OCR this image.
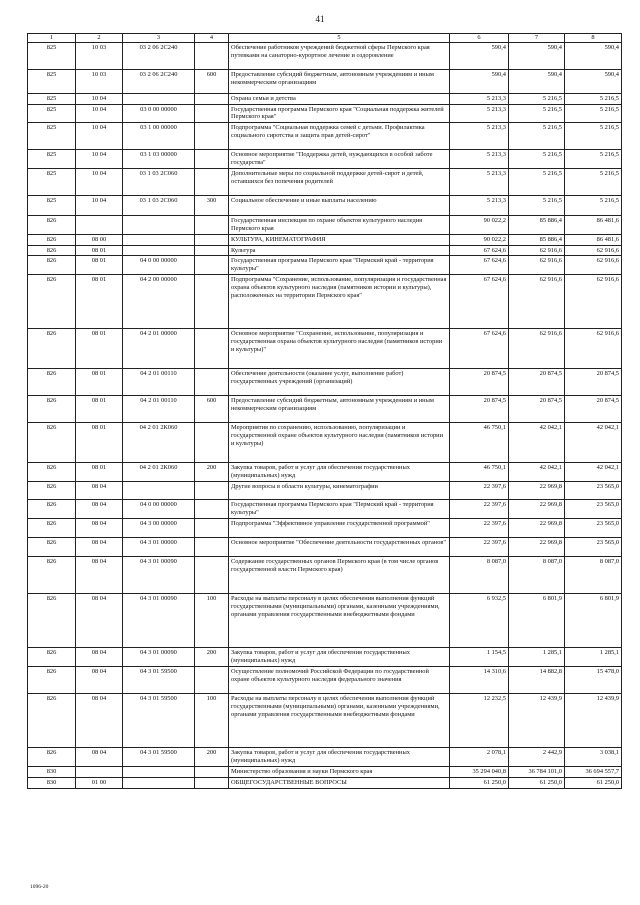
41
1	2	3	4	5	6	7	8
825	10 03	03 2 06 2С240		Обеспечение работников учреждений бюджетной сферы Пермского края путевками на санаторно-курортное лечение и оздоровление	590,4	590,4	590,4
825	10 03	03 2 06 2С240	600	Предоставление субсидий бюджетным, автономным учреждениям и иным некоммерческим организациям	590,4	590,4	590,4
825	10 04			Охрана семьи и детства	5 213,3	5 216,5	5 216,5
825	10 04	03 0 00 00000		Государственная программа Пермского края "Социальная поддержка жителей Пермского края"	5 213,3	5 216,5	5 216,5
825	10 04	03 1 00 00000		Подпрограмма "Социальная поддержка семей с детьми. Профилактика социального сиротства и защита прав детей-сирот"	5 213,3	5 216,5	5 216,5
825	10 04	03 1 03 00000		Основное мероприятие "Поддержка детей, нуждающихся в особой заботе государства"	5 213,3	5 216,5	5 216,5
825	10 04	03 1 03 2С060		Дополнительные меры по социальной поддержке детей-сирот и детей, оставшихся без попечения родителей	5 213,3	5 216,5	5 216,5
825	10 04	03 1 03 2С060	300	Социальное обеспечение и иные выплаты населению	5 213,3	5 216,5	5 216,5
826				Государственная инспекция по охране объектов культурного наследия Пермского края	90 022,2	85 886,4	86 481,6
826	08 00			КУЛЬТУРА, КИНЕМАТОГРАФИЯ	90 022,2	85 886,4	86 481,6
826	08 01			Культура	67 624,6	62 916,6	62 916,6
826	08 01	04 0 00 00000		Государственная программа Пермского края "Пермский край - территория культуры"	67 624,6	62 916,6	62 916,6
826	08 01	04 2 00 00000		Подпрограмма "Сохранение, использование, популяризация и государственная охрана объектов культурного наследия (памятников истории и культуры), расположенных на территории Пермского края"	67 624,6	62 916,6	62 916,6
826	08 01	04 2 01 00000		Основное мероприятие "Сохранение, использование, популяризация и государственная охрана объектов культурного наследия (памятников истории и культуры)"	67 624,6	62 916,6	62 916,6
826	08 01	04 2 01 00110		Обеспечение деятельности (оказание услуг, выполнение работ) государственных учреждений (организаций)	20 874,5	20 874,5	20 874,5
826	08 01	04 2 01 00110	600	Предоставление субсидий бюджетным, автономным учреждениям и иным некоммерческим организациям	20 874,5	20 874,5	20 874,5
826	08 01	04 2 01 2К060		Мероприятия по сохранению, использованию, популяризации и государственной охране объектов культурного наследия (памятников истории и культуры)	46 750,1	42 042,1	42 042,1
826	08 01	04 2 01 2К060	200	Закупка товаров, работ и услуг для обеспечения государственных (муниципальных) нужд	46 750,1	42 042,1	42 042,1
826	08 04			Другие вопросы в области культуры, кинематографии	22 397,6	22 969,8	23 565,0
826	08 04	04 0 00 00000		Государственная программа Пермского края "Пермский край - территория культуры"	22 397,6	22 969,8	23 565,0
826	08 04	04 3 00 00000		Подпрограмма "Эффективное управление государственной программой"	22 397,6	22 969,8	23 565,0
826	08 04	04 3 01 00000		Основное мероприятие "Обеспечение деятельности государственных органов"	22 397,6	22 969,8	23 565,0
826	08 04	04 3 01 00090		Содержание государственных органов Пермского края (в том числе органов государственной власти Пермского края)	8 087,0	8 087,0	8 087,0
826	08 04	04 3 01 00090	100	Расходы на выплаты персоналу в целях обеспечения выполнения функций государственными (муниципальными) органами, казенными учреждениями, органами управления государственными внебюджетными фондами	6 932,5	6 801,9	6 801,9
826	08 04	04 3 01 00090	200	Закупка товаров, работ и услуг для обеспечения государственных (муниципальных) нужд	1 154,5	1 285,1	1 285,1
826	08 04	04 3 01 59500		Осуществление полномочий Российской Федерации по государственной охране объектов культурного наследия федерального значения	14 310,6	14 882,8	15 478,0
826	08 04	04 3 01 59500	100	Расходы на выплаты персоналу в целях обеспечения выполнения функций государственными (муниципальными) органами, казенными учреждениями, органами управления государственными внебюджетными фондами	12 232,5	12 439,9	12 439,9
826	08 04	04 3 01 59500	200	Закупка товаров, работ и услуг для обеспечения государственных (муниципальных) нужд	2 078,1	2 442,9	3 038,1
830				Министерство образования и науки Пермского края	35 294 040,8	36 784 101,0	36 694 557,7
830	01 00			ОБЩЕГОСУДАРСТВЕННЫЕ ВОПРОСЫ	61 250,0	61 250,0	61 250,0
1096-20
